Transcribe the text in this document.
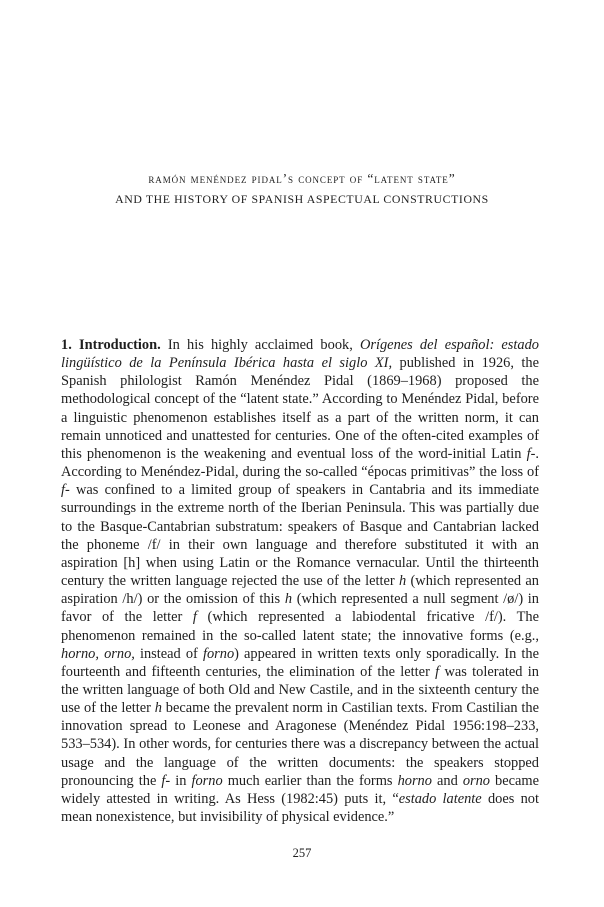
ramón menéndez pidal’s concept of “latent state”
AND THE HISTORY OF SPANISH ASPECTUAL CONSTRUCTIONS
1. Introduction. In his highly acclaimed book, Orígenes del español: estado lingüístico de la Península Ibérica hasta el siglo XI, published in 1926, the Spanish philologist Ramón Menéndez Pidal (1869–1968) proposed the methodological concept of the “latent state.” According to Menéndez Pidal, before a linguistic phenomenon establishes itself as a part of the written norm, it can remain unnoticed and unattested for centuries. One of the often-cited examples of this phenomenon is the weakening and eventual loss of the word-initial Latin f-. According to Menéndez-Pidal, during the so-called “épocas primitivas” the loss of f- was confined to a limited group of speakers in Cantabria and its immediate surroundings in the extreme north of the Iberian Peninsula. This was partially due to the Basque-Cantabrian substratum: speakers of Basque and Cantabrian lacked the phoneme /f/ in their own language and therefore substituted it with an aspiration [h] when using Latin or the Romance vernacular. Until the thirteenth century the written language rejected the use of the letter h (which represented an aspiration /h/) or the omission of this h (which represented a null segment /ø/) in favor of the letter f (which represented a labiodental fricative /f/). The phenomenon remained in the so-called latent state; the innovative forms (e.g., horno, orno, instead of forno) appeared in written texts only sporadically. In the fourteenth and fifteenth centuries, the elimination of the letter f was tolerated in the written language of both Old and New Castile, and in the sixteenth century the use of the letter h became the prevalent norm in Castilian texts. From Castilian the innovation spread to Leonese and Aragonese (Menéndez Pidal 1956:198–233, 533–534). In other words, for centuries there was a discrepancy between the actual usage and the language of the written documents: the speakers stopped pronouncing the f- in forno much earlier than the forms horno and orno became widely attested in writing. As Hess (1982:45) puts it, “estado latente does not mean nonexistence, but invisibility of physical evidence.”
257
